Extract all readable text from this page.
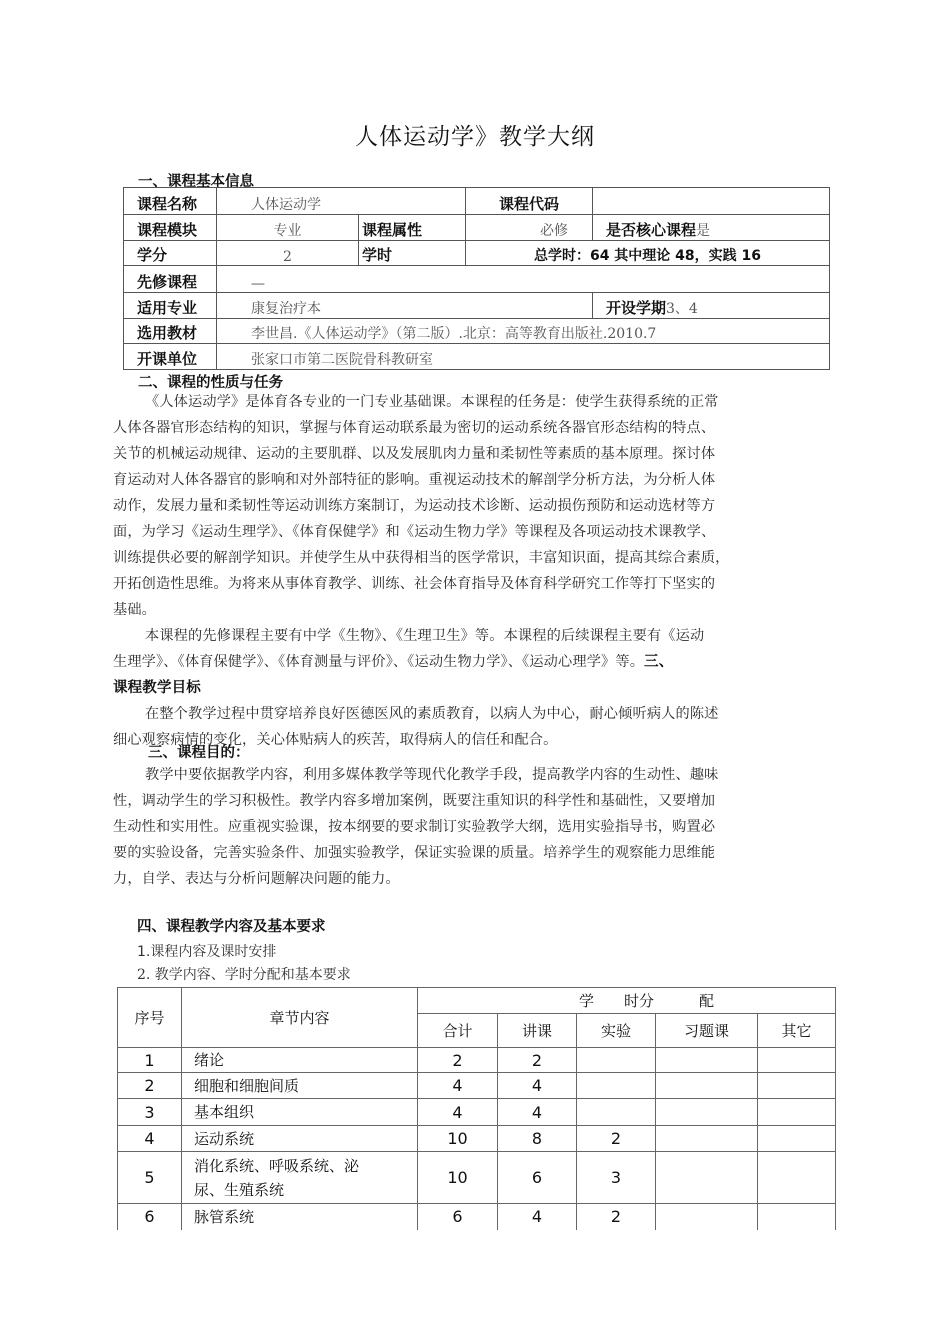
人体运动学》教学大纲
一、课程基本信息
课程名称	人体运动学		课程代码	
课程模块	专业	课程属性	必修	是否核心课程是
学分	2	学时	总学时：64 其中理论 48，实践 16	
先修课程	—			
适用专业	康复治疗本			开设学期3、4
选用教材	李世昌.《人体运动学》（第二版）.北京：高等教育出版社.2010.7			
开课单位	张家口市第二医院骨科教研室			
二、课程的性质与任务
《人体运动学》是体育各专业的一门专业基础课。本课程的任务是：使学生获得系统的正常
人体各器官形态结构的知识，掌握与体育运动联系最为密切的运动系统各器官形态结构的特点、
关节的机械运动规律、运动的主要肌群、以及发展肌肉力量和柔韧性等素质的基本原理。探讨体
育运动对人体各器官的影响和对外部特征的影响。重视运动技术的解剖学分析方法，为分析人体
动作，发展力量和柔韧性等运动训练方案制订，为运动技术诊断、运动损伤预防和运动选材等方
面，为学习《运动生理学》、《体育保健学》和《运动生物力学》等课程及各项运动技术课教学、
训练提供必要的解剖学知识。并使学生从中获得相当的医学常识，丰富知识面，提高其综合素质，
开拓创造性思维。为将来从事体育教学、训练、社会体育指导及体育科学研究工作等打下坚实的
基础。
本课程的先修课程主要有中学《生物》、《生理卫生》等。本课程的后续课程主要有《运动
生理学》、《体育保健学》、《体育测量与评价》、《运动生物力学》、《运动心理学》等。三、
课程教学目标
在整个教学过程中贯穿培养良好医德医风的素质教育，以病人为中心，耐心倾听病人的陈述
细心观察病情的变化，关心体贴病人的疾苦，取得病人的信任和配合。
三、课程目的：
教学中要依据教学内容，利用多媒体教学等现代化教学手段，提高教学内容的生动性、趣味
性，调动学生的学习积极性。教学内容多增加案例，既要注重知识的科学性和基础性，又要增加
生动性和实用性。应重视实验课，按本纲要的要求制订实验教学大纲，选用实验指导书，购置必
要的实验设备，完善实验条件、加强实验教学，保证实验课的质量。培养学生的观察能力思维能
力，自学、表达与分析问题解决问题的能力。
四、课程教学内容及基本要求
1.课程内容及课时安排
2. 教学内容、学时分配和基本要求
序号	章节内容	学　　时分　　　配				
		合计	讲课	实验	习题课	其它
1	绪论	2	2			
2	细胞和细胞间质	4	4			
3	基本组织	4	4			
4	运动系统	10	8	2		
5	消化系统、呼吸系统、泌
尿、生殖系统	10	6	3		
6	脉管系统	6	4	2		
